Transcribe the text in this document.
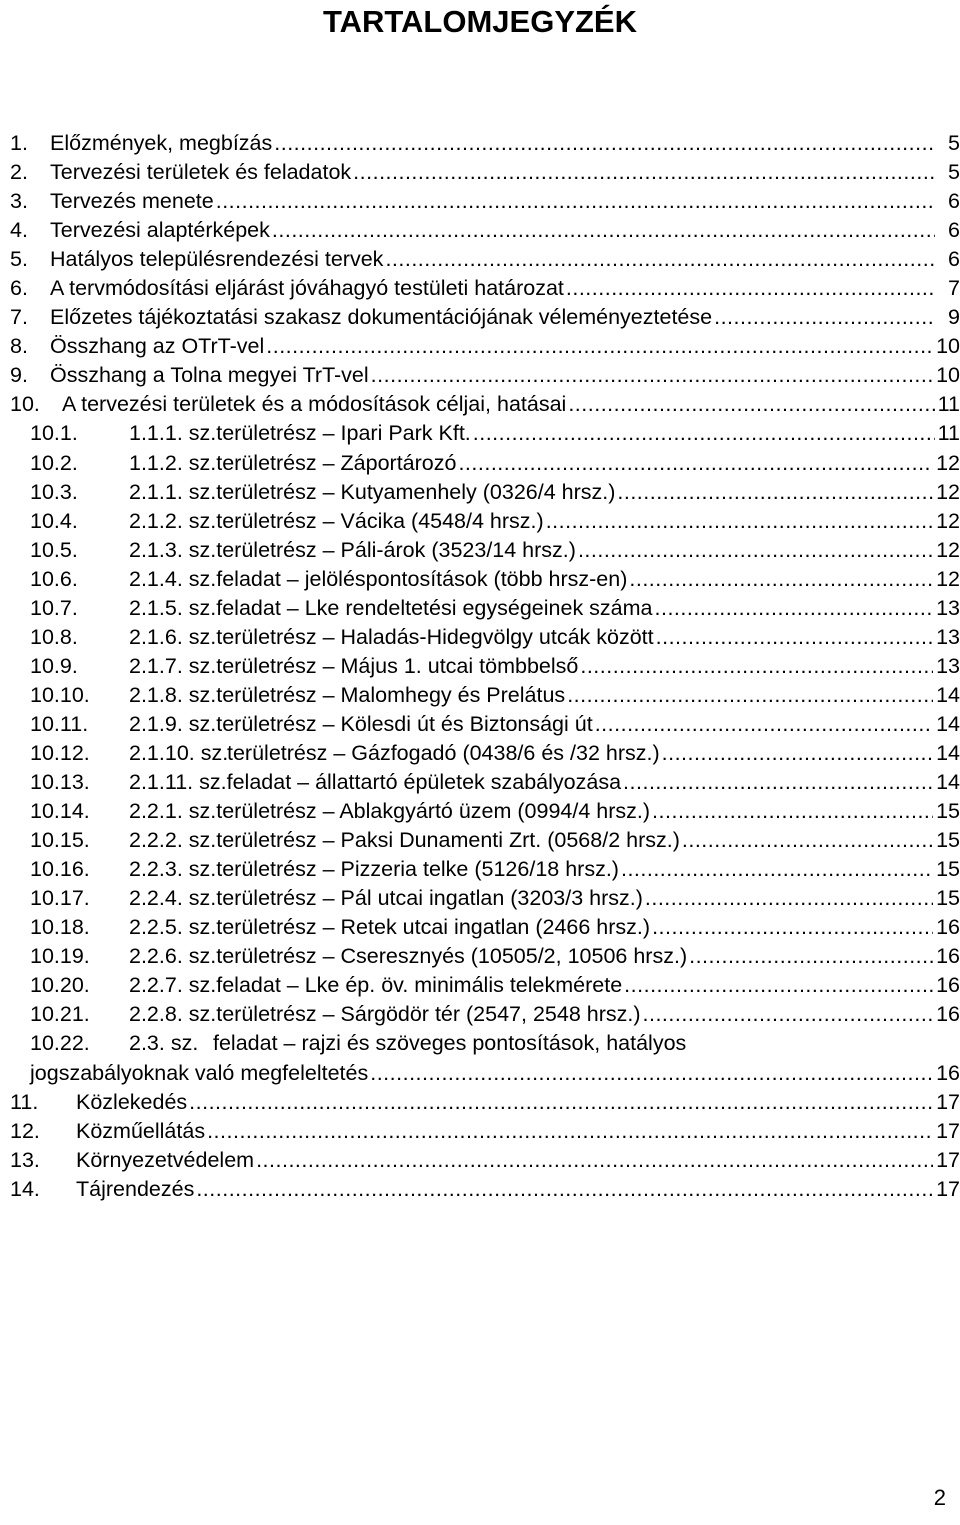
TARTALOMJEGYZÉK
1. Előzmények, megbízás .....	5
2. Tervezési területek és feladatok .....	5
3. Tervezés menete .....	6
4. Tervezési alaptérképek .....	6
5. Hatályos településrendezési tervek .....	6
6. A tervmódosítási eljárást jóváhagyó testületi határozat .....	7
7. Előzetes tájékoztatási szakasz dokumentációjának véleményeztetése .....	9
8. Összhang az OTrT-vel .....	10
9. Összhang a Tolna megyei TrT-vel .....	10
10. A tervezési területek és a módosítások céljai, hatásai .....	11
10.1. 1.1.1. sz. területrész – Ipari Park Kft. .....	11
10.2. 1.1.2. sz. területrész – Záportározó .....	12
10.3. 2.1.1. sz. területrész – Kutyamenhely (0326/4 hrsz.) .....	12
10.4. 2.1.2. sz. területrész – Vácika (4548/4 hrsz.) .....	12
10.5. 2.1.3. sz. területrész – Páli-árok (3523/14 hrsz.) .....	12
10.6. 2.1.4. sz. feladat – jelöléspontosítások (több hrsz-en) .....	12
10.7. 2.1.5. sz. feladat – Lke rendeltetési egységeinek száma .....	13
10.8. 2.1.6. sz. területrész – Haladás-Hidegvölgy utcák között .....	13
10.9. 2.1.7. sz. területrész – Május 1. utcai tömbbelső .....	13
10.10. 2.1.8. sz. területrész – Malomhegy és Prelátus .....	14
10.11. 2.1.9. sz. területrész – Kölesdi út és Biztonsági út .....	14
10.12. 2.1.10. sz.
területrész – Gázfogadó (0438/6 és /32 hrsz.) .....	14
10.13. 2.1.11. sz. feladat – állattartó épületek szabályozása .....	14
10.14. 2.2.1. sz. területrész – Ablakgyártó üzem (0994/4 hrsz.) .....	15
10.15. 2.2.2. sz. területrész – Paksi Dunamenti Zrt. (0568/2 hrsz.) .....	15
10.16. 2.2.3. sz. területrész – Pizzeria telke (5126/18 hrsz.) .....	15
10.17. 2.2.4. sz. területrész – Pál utcai ingatlan (3203/3 hrsz.) .....	15
10.18. 2.2.5. sz. területrész – Retek utcai ingatlan (2466 hrsz.) .....	16
10.19. 2.2.6. sz. területrész – Cseresznyés (10505/2, 10506 hrsz.) .....	16
10.20. 2.2.7. sz. feladat – Lke ép. öv. minimális telekmérete .....	16
10.21. 2.2.8. sz. területrész – Sárgödör tér (2547, 2548 hrsz.) .....	16
10.22. 2.3. sz. feladat – rajzi és szöveges pontosítások, hatályos
jogszabályoknak való megfeleltetés .....	16
11. Közlekedés .....	17
12. Közműellátás .....	17
13. Környezetvédelem .....	17
14. Tájrendezés .....	17
2
